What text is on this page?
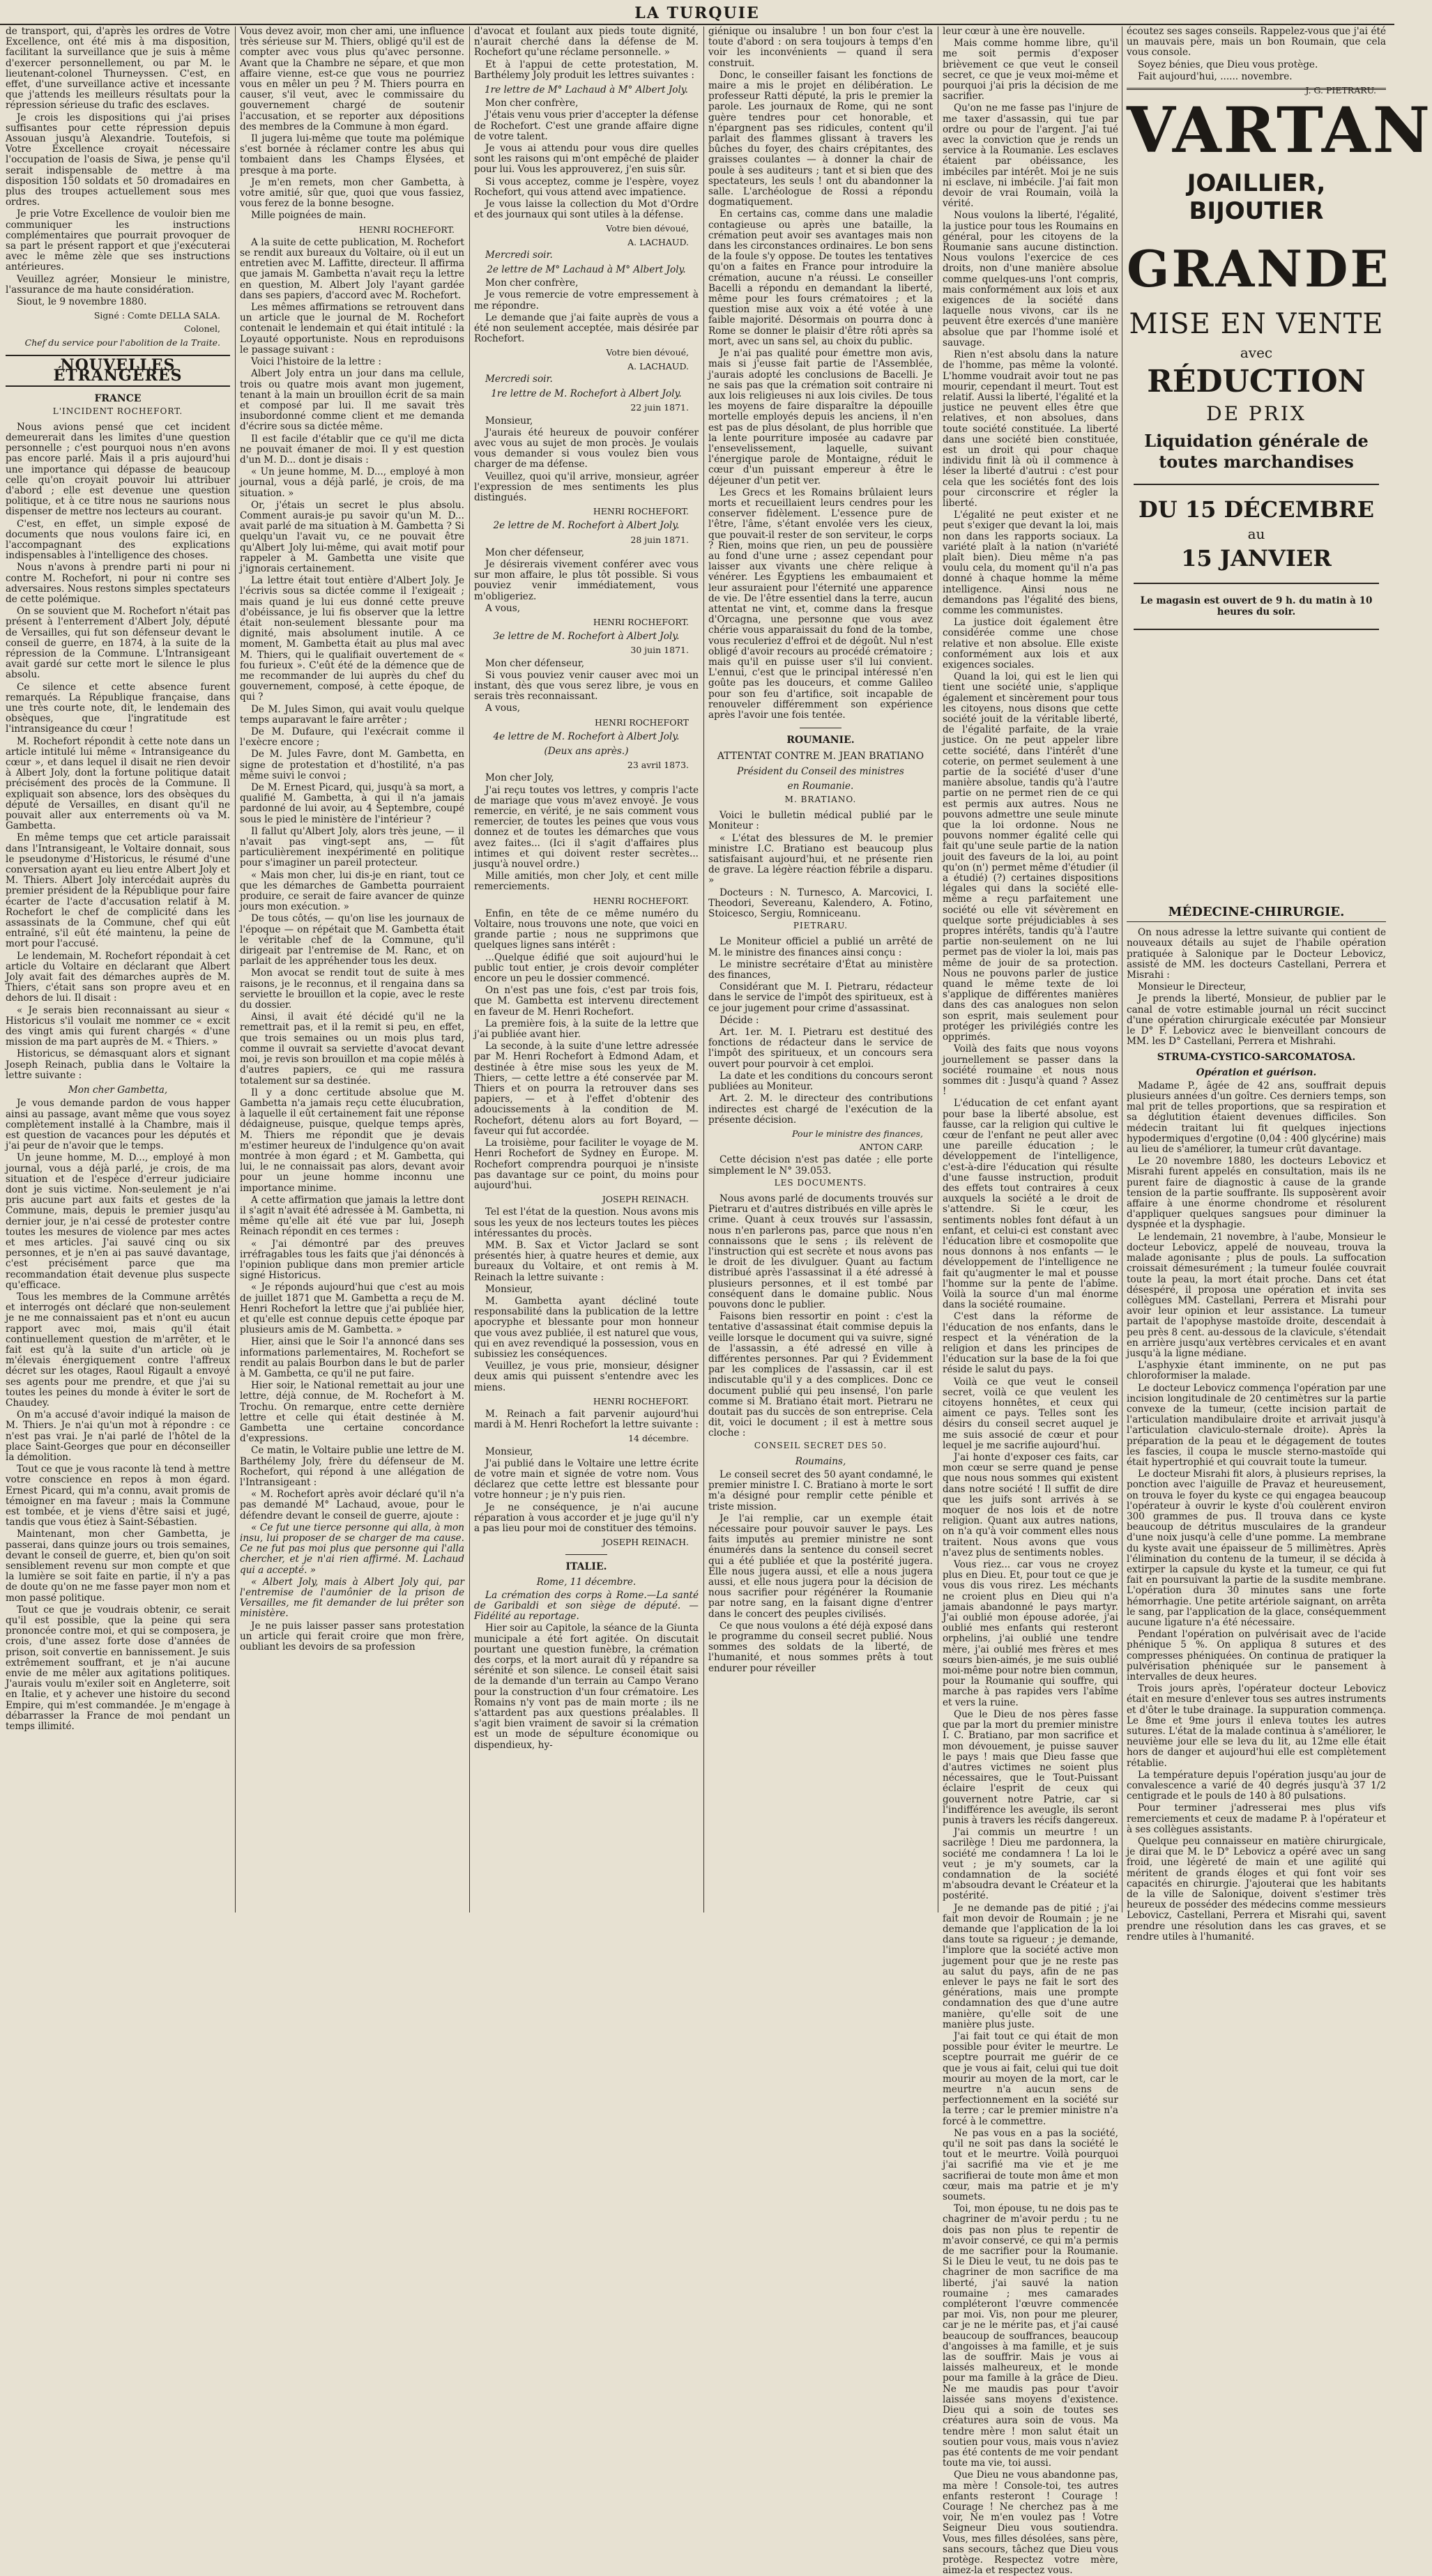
LA TURQUIE

de transport, qui, d'après les ordres de Votre Excellence, ont été mis à ma disposition, facilitant la surveillance que je suis à même d'exercer personnellement, ou par M. le lieutenant-colonel Thurneyssen. C'est, en effet, d'une surveillance active et incessante que j'attends les meilleurs résultats pour la répression sérieuse du trafic des esclaves.

Je crois les dispositions qui j'ai prises suffisantes pour cette répression depuis Assouan jusqu'à Alexandrie. Toutefois, si Votre Excellence croyait nécessaire l'occupation de l'oasis de Siwa, je pense qu'il serait indispensable de mettre à ma disposition 150 soldats et 50 dromadaires en plus des troupes actuellement sous mes ordres.

Je prie Votre Excellence de vouloir bien me communiquer les instructions complémentaires que pourrait provoquer de sa part le présent rapport et que j'exécuterai avec le même zèle que ses instructions antérieures.

Veuillez agréer, Monsieur le ministre, l'assurance de ma haute considération.

Siout, le 9 novembre 1880.

Signé : Comte DELLA SALA.
Colonel,
Chef du service pour l'abolition de la Traite.
NOUVELLES ÉTRANGÈRES
FRANCE
L'INCIDENT ROCHEFORT.

Nous avions pensé que cet incident demeurerait dans les limites d'une question personnelle ; c'est pourquoi nous n'en avons pas encore parlé. Mais il a pris aujourd'hui une importance qui dépasse de beaucoup celle qu'on croyait pouvoir lui attribuer d'abord ; elle est devenue une question politique, et à ce titre nous ne saurions nous dispenser de mettre nos lecteurs au courant.

C'est, en effet, un simple exposé de documents que nous voulons faire ici, en l'accompagnant des explications indispensables à l'intelligence des choses.

Nous n'avons à prendre parti ni pour ni contre M. Rochefort, ni pour ni contre ses adversaires. Nous restons simples spectateurs de cette polémique.

On se souvient que M. Rochefort n'était pas présent à l'enterrement d'Albert Joly, député de Versailles, qui fut son défenseur devant le conseil de guerre, en 1874, à la suite de la répression de la Commune. L'Intransigeant avait gardé sur cette mort le silence le plus absolu.

Ce silence et cette absence furent remarqués. La République française, dans une très courte note, dit, le lendemain des obsèques, que l'ingratitude est l'intransigeance du cœur !

M. Rochefort répondit à cette note dans un article intitulé lui même « Intransigeance du cœur », et dans lequel il disait ne rien devoir à Albert Joly, dont la fortune politique datait précisément des procès de la Commune. Il expliquait son absence, lors des obsèques du député de Versailles, en disant qu'il ne pouvait aller aux enterrements où va M. Gambetta.

En même temps que cet article paraissait dans l'Intransigeant, le Voltaire donnait, sous le pseudonyme d'Historicus, le résumé d'une conversation ayant eu lieu entre Albert Joly et M. Thiers. Albert Joly intercédait auprès du premier président de la République pour faire écarter de l'acte d'accusation relatif à M. Rochefort le chef de complicité dans les assassinats de la Commune, chef qui eût entraîné, s'il eût été maintenu, la peine de mort pour l'accusé.

Le lendemain, M. Rochefort répondait à cet article du Voltaire en déclarant que Albert Joly avait fait des démarches auprès de M. Thiers, c'était sans son propre aveu et en dehors de lui. Il disait :

« Je serais bien reconnaissant au sieur « Historicus s'il voulait me nommer ce « excit des vingt amis qui furent chargés « d'une mission de ma part auprès de M. « Thiers. »

Historicus, se démasquant alors et signant Joseph Reinach, publia dans le Voltaire la lettre suivante :

Mon cher Gambetta,

Je vous demande pardon de vous happer ainsi au passage, avant même que vous soyez complètement installé à la Chambre, mais il est question de vacances pour les députés et j'ai peur de n'avoir que le temps.

Un jeune homme, M. D..., employé à mon journal, vous a déjà parlé, je crois, de ma situation et de l'espèce d'erreur judiciaire dont je suis victime. Non-seulement je n'ai pris aucune part aux faits et gestes de la Commune, mais, depuis le premier jusqu'au dernier jour, je n'ai cessé de protester contre toutes les mesures de violence par mes actes et mes articles. J'ai sauvé cinq ou six personnes, et je n'en ai pas sauvé davantage, c'est précisément parce que ma recommandation était devenue plus suspecte qu'efficace.

Tous les membres de la Commune arrêtés et interrogés ont déclaré que non-seulement je ne me connaissaient pas et n'ont eu aucun rapport avec moi, mais qu'il était continuellement question de m'arrêter, et le fait est qu'à la suite d'un article où je m'élevais énergiquement contre l'affreux décret sur les otages, Raoul Rigault a envoyé ses agents pour me prendre, et que j'ai su toutes les peines du monde à éviter le sort de Chaudey.

On m'a accusé d'avoir indiqué la maison de M. Thiers. Je n'ai qu'un mot à répondre : ce n'est pas vrai. Je n'ai parlé de l'hôtel de la place Saint-Georges que pour en déconseiller la démolition.

Tout ce que je vous raconte là tend à mettre votre conscience en repos à mon égard. Ernest Picard, qui m'a connu, avait promis de témoigner en ma faveur ; mais la Commune est tombée, et je viens d'être saisi et jugé, tandis que vous étiez à Saint-Sébastien.

Maintenant, mon cher Gambetta, je passerai, dans quinze jours ou trois semaines, devant le conseil de guerre, et, bien qu'on soit sensiblement revenu sur mon compte et que la lumière se soit faite en partie, il n'y a pas de doute qu'on ne me fasse payer mon nom et mon passé politique.

Tout ce que je voudrais obtenir, ce serait qu'il est possible, que la peine qui sera prononcée contre moi, et qui se composera, je crois, d'une assez forte dose d'années de prison, soit convertie en bannissement. Je suis extrêmement souffrant, et je n'ai aucune envie de me mêler aux agitations politiques. J'aurais voulu m'exiler soit en Angleterre, soit en Italie, et y achever une histoire du second Empire, qui m'est commandée. Je m'engage à débarrasser la France de moi pendant un temps illimité.

Vous devez avoir, mon cher ami, une influence très sérieuse sur M. Thiers, obligé qu'il est de compter avec vous plus qu'avec personne. Avant que la Chambre ne sépare, et que mon affaire vienne, est-ce que vous ne pourriez vous en mêler un peu ? M. Thiers pourra en causer, s'il veut, avec le commissaire du gouvernement chargé de soutenir l'accusation, et se reporter aux dépositions des membres de la Commune à mon égard.

Il jugera lui-même que toute ma polémique s'est bornée à réclamer contre les abus qui tombaient dans les Champs Élysées, et presque à ma porte.

Je m'en remets, mon cher Gambetta, à votre amitié, sûr que, quoi que vous fassiez, vous ferez de la bonne besogne.

Mille poignées de main.

HENRI ROCHEFORT.

A la suite de cette publication, M. Rochefort se rendit aux bureaux du Voltaire, où il eut un entretien avec M. Laffitte, directeur. Il affirma que jamais M. Gambetta n'avait reçu la lettre en question, M. Albert Joly l'ayant gardée dans ses papiers, d'accord avec M. Rochefort.

Les mêmes affirmations se retrouvent dans un article que le journal de M. Rochefort contenait le lendemain et qui était intitulé : la Loyauté opportuniste. Nous en reproduisons le passage suivant :

Voici l'histoire de la lettre :

Albert Joly entra un jour dans ma cellule, trois ou quatre mois avant mon jugement, tenant à la main un brouillon écrit de sa main et composé par lui. Il me savait très insubordonné comme client et me demanda d'écrire sous sa dictée même.

Il est facile d'établir que ce qu'il me dicta ne pouvait émaner de moi. Il y est question d'un M. D... dont je disais :

« Un jeune homme, M. D..., employé à mon journal, vous a déjà parlé, je crois, de ma situation. »

Or, j'étais un secret le plus absolu. Comment aurais-je pu savoir qu'un M. D... avait parlé de ma situation à M. Gambetta ? Si quelqu'un l'avait vu, ce ne pouvait être qu'Albert Joly lui-même, qui avait motif pour rappeler à M. Gambetta une visite que j'ignorais certainement.

La lettre était tout entière d'Albert Joly. Je l'écrivis sous sa dictée comme il l'exigeait ; mais quand je lui eus donné cette preuve d'obéissance, je lui fis observer que la lettre était non-seulement blessante pour ma dignité, mais absolument inutile. A ce moment, M. Gambetta était au plus mal avec M. Thiers, qui le qualifiait ouvertement de « fou furieux ». C'eût été de la démence que de me recommander de lui auprès du chef du gouvernement, composé, à cette époque, de qui ?

De M. Jules Simon, qui avait voulu quelque temps auparavant le faire arrêter ;

De M. Dufaure, qui l'exécrait comme il l'exècre encore ;

De M. Jules Favre, dont M. Gambetta, en signe de protestation et d'hostilité, n'a pas même suivi le convoi ;

De M. Ernest Picard, qui, jusqu'à sa mort, a qualifié M. Gambetta, à qui il n'a jamais pardonné de lui avoir, au 4 Septembre, coupé sous le pied le ministère de l'intérieur ?

Il fallut qu'Albert Joly, alors très jeune, — il n'avait pas vingt-sept ans, — fût particulièrement inexpérimenté en politique pour s'imaginer un pareil protecteur.

« Mais mon cher, lui dis-je en riant, tout ce que les démarches de Gambetta pourraient produire, ce serait de faire avancer de quinze jours mon exécution. »

De tous côtés, — qu'on lise les journaux de l'époque — on répétait que M. Gambetta était le véritable chef de la Commune, qu'il dirigeait par l'entremise de M. Ranc, et on parlait de les appréhender tous les deux.

Mon avocat se rendit tout de suite à mes raisons, je le reconnus, et il rengaina dans sa serviette le brouillon et la copie, avec le reste du dossier.

Ainsi, il avait été décidé qu'il ne la remettrait pas, et il la remit si peu, en effet, que trois semaines ou un mois plus tard, comme il ouvrait sa serviette d'avocat devant moi, je revis son brouillon et ma copie mêlés à d'autres papiers, ce qui me rassura totalement sur sa destinée.

Il y a donc certitude absolue que M. Gambetta n'a jamais reçu cette élucubration, à laquelle il eût certainement fait une réponse dédaigneuse, puisque, quelque temps après, M. Thiers me répondit que je devais m'estimer heureux de l'indulgence qu'on avait montrée à mon égard ; et M. Gambetta, qui lui, le ne connaissait pas alors, devant avoir pour un jeune homme inconnu une importance minime.

A cette affirmation que jamais la lettre dont il s'agit n'avait été adressée à M. Gambetta, ni même qu'elle ait été vue par lui, Joseph Reinach répondit en ces termes :

« J'ai démontré par des preuves irréfragables tous les faits que j'ai dénoncés à l'opinion publique dans mon premier article signé Historicus.

« Je réponds aujourd'hui que c'est au mois de juillet 1871 que M. Gambetta a reçu de M. Henri Rochefort la lettre que j'ai publiée hier, et qu'elle est connue depuis cette époque par plusieurs amis de M. Gambetta. »

Hier, ainsi que le Soir l'a annoncé dans ses informations parlementaires, M. Rochefort se rendit au palais Bourbon dans le but de parler à M. Gambetta, ce qu'il ne put faire.

Hier soir, le National remettait au jour une lettre, déjà connue, de M. Rochefort à M. Trochu. On remarque, entre cette dernière lettre et celle qui était destinée à M. Gambetta une certaine concordance d'expressions.

Ce matin, le Voltaire publie une lettre de M. Barthélemy Joly, frère du défenseur de M. Rochefort, qui répond à une allégation de l'Intransigeant :

« M. Rochefort après avoir déclaré qu'il n'a pas demandé M° Lachaud, avoue, pour le défendre devant le conseil de guerre, ajoute :

« Ce fut une tierce personne qui alla, à mon insu, lui proposer de se charger de ma cause. Ce ne fut pas moi plus que personne qui l'alla chercher, et je n'ai rien affirmé. M. Lachaud qui a accepté. »

« Albert Joly, mais à Albert Joly qui, par l'entremise de l'aumônier de la prison de Versailles, me fit demander de lui prêter son ministère.

Je ne puis laisser passer sans protestation un article qui ferait croire que mon frère, oubliant les devoirs de sa profession

d'avocat et foulant aux pieds toute dignité, n'aurait cherché dans la défense de M. Rochefort qu'une réclame personnelle. »

Et à l'appui de cette protestation, M. Barthélemy Joly produit les lettres suivantes :

1re lettre de M° Lachaud à M° Albert Joly.

Mon cher confrère,

J'étais venu vous prier d'accepter la défense de Rochefort. C'est une grande affaire digne de votre talent.

Je vous ai attendu pour vous dire quelles sont les raisons qui m'ont empêché de plaider pour lui. Vous les approuverez, j'en suis sûr.

Si vous acceptez, comme je l'espère, voyez Rochefort, qui vous attend avec impatience.

Je vous laisse la collection du Mot d'Ordre et des journaux qui sont utiles à la défense.

Votre bien dévoué,
A. LACHAUD.

Mercredi soir.

2e lettre de M° Lachaud à M° Albert Joly.

Mon cher confrère,

Je vous remercie de votre empressement à me répondre.

Le demande que j'ai faite auprès de vous a été non seulement acceptée, mais désirée par Rochefort.

Votre bien dévoué,
A. LACHAUD.

Mercredi soir.

1re lettre de M. Rochefort à Albert Joly.
22 juin 1871.

Monsieur,

J'aurais été heureux de pouvoir conférer avec vous au sujet de mon procès. Je voulais vous demander si vous voulez bien vous charger de ma défense.

Veuillez, quoi qu'il arrive, monsieur, agréer l'expression de mes sentiments les plus distingués.

HENRI ROCHEFORT.
2e lettre de M. Rochefort à Albert Joly.
28 juin 1871.

Mon cher défenseur,

Je désirerais vivement conférer avec vous sur mon affaire, le plus tôt possible. Si vous pouviez venir immédiatement, vous m'obligeriez.

A vous,

HENRI ROCHEFORT.
3e lettre de M. Rochefort à Albert Joly.
30 juin 1871.

Mon cher défenseur,

Si vous pouviez venir causer avec moi un instant, dès que vous serez libre, je vous en serais très reconnaissant.

A vous,

HENRI ROCHEFORT
4e lettre de M. Rochefort à Albert Joly.
(Deux ans après.)
23 avril 1873.

Mon cher Joly,

J'ai reçu toutes vos lettres, y compris l'acte de mariage que vous m'avez envoyé. Je vous remercie, en vérité, je ne sais comment vous remercier, de toutes les peines que vous vous donnez et de toutes les démarches que vous avez faites... (Ici il s'agit d'affaires plus intimes et qui doivent rester secrètes... jusqu'à nouvel ordre.)

Mille amitiés, mon cher Joly, et cent mille remerciements.

HENRI ROCHEFORT.

Enfin, en tête de ce même numéro du Voltaire, nous trouvons une note, que voici en grande partie ; nous ne supprimons que quelques lignes sans intérêt :

...Quelque édifié que soit aujourd'hui le public tout entier, je crois devoir compléter encore un peu le dossier commencé.

On n'est pas une fois, c'est par trois fois, que M. Gambetta est intervenu directement en faveur de M. Henri Rochefort.

La première fois, à la suite de la lettre que j'ai publiée avant hier.

La seconde, à la suite d'une lettre adressée par M. Henri Rochefort à Edmond Adam, et destinée à être mise sous les yeux de M. Thiers, — cette lettre a été conservée par M. Thiers et on pourra la retrouver dans ses papiers, — et à l'effet d'obtenir des adoucissements à la condition de M. Rochefort, détenu alors au fort Boyard, — faveur qui fut accordée.

La troisième, pour faciliter le voyage de M. Henri Rochefort de Sydney en Europe. M. Rochefort comprendra pourquoi je n'insiste pas davantage sur ce point, du moins pour aujourd'hui.

JOSEPH REINACH.

Tel est l'état de la question. Nous avons mis sous les yeux de nos lecteurs toutes les pièces intéressantes du procès.

MM. B. Sax et Victor Jaclard se sont présentés hier, à quatre heures et demie, aux bureaux du Voltaire, et ont remis à M. Reinach la lettre suivante :

Monsieur,

M. Gambetta ayant décliné toute responsabilité dans la publication de la lettre apocryphe et blessante pour mon honneur que vous avez publiée, il est naturel que vous, qui en avez revendiqué la possession, vous en subissiez les conséquences.

Veuillez, je vous prie, monsieur, désigner deux amis qui puissent s'entendre avec les miens.

HENRI ROCHEFORT.

M. Reinach a fait parvenir aujourd'hui mardi à M. Henri Rochefort la lettre suivante :

14 décembre.

Monsieur,

J'ai publié dans le Voltaire une lettre écrite de votre main et signée de votre nom. Vous déclarez que cette lettre est blessante pour votre honneur ; je n'y puis rien.

Je ne conséquence, je n'ai aucune réparation à vous accorder et je juge qu'il n'y a pas lieu pour moi de constituer des témoins.

JOSEPH REINACH.
ITALIE.
Rome, 11 décembre.

La crémation des corps à Rome.—La santé de Garibaldi et son siège de député. — Fidélité au reportage.

Hier soir au Capitole, la séance de la Giunta municipale a été fort agitée. On discutait pourtant une question funèbre, la crémation des corps, et la mort aurait dû y répandre sa sérénité et son silence. Le conseil était saisi de la demande d'un terrain au Campo Verano pour la construction d'un four crématoire. Les Romains n'y vont pas de main morte ; ils ne s'attardent pas aux questions préalables. Il s'agit bien vraiment de savoir si la crémation est un mode de sépulture économique ou dispendieux, hy-

giénique ou insalubre ! un bon four c'est la toute d'abord : on sera toujours à temps d'en voir les inconvénients — quand il sera construit.

Donc, le conseiller faisant les fonctions de maire a mis le projet en délibération. Le professeur Ratti député, la pris le premier la parole. Les journaux de Rome, qui ne sont guère tendres pour cet honorable, et n'épargnent pas ses ridicules, content qu'il parlait des flammes glissant à travers les bûches du foyer, des chairs crépitantes, des graisses coulantes — à donner la chair de poule à ses auditeurs ; tant et si bien que des spectateurs, les seuls ! ont du abandonner la salle. L'archéologue de Rossi a répondu dogmatiquement.

En certains cas, comme dans une maladie contagieuse ou après une bataille, la crémation peut avoir ses avantages mais non dans les circonstances ordinaires. Le bon sens de la foule s'y oppose. De toutes les tentatives qu'on a faites en France pour introduire la crémation, aucune n'a réussi. Le conseiller Bacelli a répondu en demandant la liberté, même pour les fours crématoires ; et la question mise aux voix a été votée à une faible majorité. Désormais on pourra donc à Rome se donner le plaisir d'être rôti après sa mort, avec un sans sel, au choix du public.

Je n'ai pas qualité pour émettre mon avis, mais si j'eusse fait partie de l'Assemblée, j'aurais adopté les conclusions de Bacelli. Je ne sais pas que la crémation soit contraire ni aux lois religieuses ni aux lois civiles. De tous les moyens de faire disparaître la dépouille mortelle employés depuis les anciens, il n'en est pas de plus désolant, de plus horrible que la lente pourriture imposée au cadavre par l'ensevelissement, laquelle, suivant l'énergique parole de Montaigne, réduit le cœur d'un puissant empereur à être le déjeuner d'un petit ver.

Les Grecs et les Romains brûlaient leurs morts et recueillaient leurs cendres pour les conserver fidèlement. L'essence pure de l'être, l'âme, s'étant envolée vers les cieux, que pouvait-il rester de son serviteur, le corps ? Rien, moins que rien, un peu de poussière au fond d'une urne ; assez cependant pour laisser aux vivants une chère relique à vénérer. Les Égyptiens les embaumaient et leur assuraient pour l'éternité une apparence de vie. De l'être essentiel dans la terre, aucun attentat ne vint, et, comme dans la fresque d'Orcagna, une personne que vous avez chérie vous apparaissait du fond de la tombe, vous reculeriez d'effroi et de dégoût. Nul n'est obligé d'avoir recours au procédé crématoire ; mais qu'il en puisse user s'il lui convient. L'ennui, c'est que le principal intéressé n'en goûte pas les douceurs, et comme Galileo pour son feu d'artifice, soit incapable de renouveler différemment son expérience après l'avoir une fois tentée.

ROUMANIE.
ATTENTAT CONTRE M. JEAN BRATIANO
Président du Conseil des ministres
en Roumanie.
M. BRATIANO.

Voici le bulletin médical publié par le Moniteur :

« L'état des blessures de M. le premier ministre I.C. Bratiano est beaucoup plus satisfaisant aujourd'hui, et ne présente rien de grave. La légère réaction fébrile a disparu. »

Docteurs : N. Turnesco, A. Marcovici, I. Theodori, Severeanu, Kalendero, A. Fotino, Stoicesco, Sergiu, Romniceanu.

PIETRARU.

Le Moniteur officiel a publié un arrêté de M. le ministre des finances ainsi conçu :

Le ministre secrétaire d'État au ministère des finances,

Considérant que M. I. Pietraru, rédacteur dans le service de l'impôt des spiritueux, est à ce jour jugement pour crime d'assassinat.

Décide :

Art. 1er. M. I. Pietraru est destitué des fonctions de rédacteur dans le service de l'impôt des spiritueux, et un concours sera ouvert pour pourvoir à cet emploi.

La date et les conditions du concours seront publiées au Moniteur.

Art. 2. M. le directeur des contributions indirectes est chargé de l'exécution de la présente décision.

Pour le ministre des finances,
ANTON CARP.

Cette décision n'est pas datée ; elle porte simplement le N° 39.053.

LES DOCUMENTS.

Nous avons parlé de documents trouvés sur Pietraru et d'autres distribués en ville après le crime. Quant à ceux trouvés sur l'assassin, nous n'en parlerons pas, parce que nous n'en connaissons que le sens ; ils relèvent de l'instruction qui est secrète et nous avons pas le droit de les divulguer. Quant au factum distribué après l'assassinat il a été adressé à plusieurs personnes, et il est tombé par conséquent dans le domaine public. Nous pouvons donc le publier.

Faisons bien ressortir en point : c'est la tentative d'assassinat était commise depuis la veille lorsque le document qui va suivre, signé de l'assassin, a été adressé en ville à différentes personnes. Par qui ? Évidemment par les complices de l'assassin, car il est indiscutable qu'il y a des complices. Donc ce document publié qui peu insensé, l'on parle comme si M. Bratiano était mort. Pietraru ne doutait pas du succès de son entreprise. Cela dit, voici le document ; il est à mettre sous cloche :

CONSEIL SECRET DES 50.
Roumains,

Le conseil secret des 50 ayant condamné, le premier ministre I. C. Bratiano à morte le sort m'a désigné pour remplir cette pénible et triste mission.

Je l'ai remplie, car un exemple était nécessaire pour pouvoir sauver le pays. Les faits imputés au premier ministre ne sont énumérés dans la sentence du conseil secret qui a été publiée et que la postérité jugera. Elle nous jugera aussi, et elle a nous jugera aussi, et elle nous jugera pour la décision de nous sacrifier pour régénérer la Roumanie par notre sang, en la faisant digne d'entrer dans le concert des peuples civilisés.

Ce que nous voulons a été déjà exposé dans le programme du conseil secret publié. Nous sommes des soldats de la liberté, de l'humanité, et nous sommes prêts à tout endurer pour réveiller

leur cœur à une ère nouvelle.

Mais comme homme libre, qu'il me soit permis d'exposer brièvement ce que veut le conseil secret, ce que je veux moi-même et pourquoi j'ai pris la décision de me sacrifier.

Qu'on ne me fasse pas l'injure de me taxer d'assassin, qui tue par ordre ou pour de l'argent. J'ai tué avec la conviction que je rends un service à la Roumanie. Les esclaves étaient par obéissance, les imbéciles par intérêt. Moi je ne suis ni esclave, ni imbécile. J'ai fait mon devoir de vrai Roumain, voilà la vérité.

Nous voulons la liberté, l'égalité, la justice pour tous les Roumains en général, pour les citoyens de la Roumanie sans aucune distinction. Nous voulons l'exercice de ces droits, non d'une manière absolue comme quelques-uns l'ont compris, mais conformément aux lois et aux exigences de la société dans laquelle nous vivons, car ils ne peuvent être exercés d'une manière absolue que par l'homme isolé et sauvage.

Rien n'est absolu dans la nature de l'homme, pas même la volonté. L'homme voudrait avoir tout ne pas mourir, cependant il meurt. Tout est relatif. Aussi la liberté, l'égalité et la justice ne peuvent elles être que relatives, et non absolues, dans toute société constituée. La liberté dans une société bien constituée, est un droit qui pour chaque individu finit là où il commence à léser la liberté d'autrui : c'est pour cela que les sociétés font des lois pour circonscrire et régler la liberté.

L'égalité ne peut exister et ne peut s'exiger que devant la loi, mais non dans les rapports sociaux. La variété plaît à la nation (n'variété plaît bien). Dieu même n'a pas voulu cela, du moment qu'il n'a pas donné à chaque homme la même intelligence. Ainsi nous ne demandons pas l'égalité des biens, comme les communistes.

La justice doit également être considérée comme une chose relative et non absolue. Elle existe conformément aux lois et aux exigences sociales.

Quand la loi, qui est le lien qui tient une société unie, s'applique également et sincèrement pour tous les citoyens, nous disons que cette société jouit de la véritable liberté, de l'égalité parfaite, de la vraie justice. On ne peut appeler libre cette société, dans l'intérêt d'une coterie, on permet seulement à une partie de la société d'user d'une manière absolue, tandis qu'à l'autre partie on ne permet rien de ce qui est permis aux autres. Nous ne pouvons admettre une seule minute que la loi ordonne. Nous ne pouvons nommer égalité celle qui fait qu'une seule partie de la nation jouit des faveurs de la loi, au point qu'on (n') permet même d'étudier (il a étudié) (?) certaines dispositions légales qui dans la société elle-même a reçu parfaitement une société ou elle vit sévèrement en quelque sorte préjudiciables à ses propres intérêts, tandis qu'à l'autre partie non-seulement on ne lui permet pas de violer la loi, mais pas même de jouir de sa protection. Nous ne pouvons parler de justice quand le même texte de loi s'applique de différentes manières dans des cas analogues non selon son esprit, mais seulement pour protéger les privilégiés contre les opprimés.

Voilà des faits que nous voyons journellement se passer dans la société roumaine et nous nous sommes dit : Jusqu'à quand ? Assez !

L'éducation de cet enfant ayant pour base la liberté absolue, est fausse, car la religion qui cultive le cœur de l'enfant ne peut aller avec une pareille éducation ; le développement de l'intelligence, c'est-à-dire l'éducation qui résulte d'une fausse instruction, produit des effets tout contraires à ceux auxquels la société a le droit de s'attendre. Si le cœur, les sentiments nobles font défaut à un enfant, et celui-ci est constant avec l'éducation libre et cosmopolite que nous donnons à nos enfants — le développement de l'intelligence ne fait qu'augmenter le mal et pousse l'homme sur la pente de l'abîme. Voilà la source d'un mal énorme dans la société roumaine.

C'est dans la réforme de l'éducation de nos enfants, dans le respect et la vénération de la religion et dans les principes de l'éducation sur la base de la foi que réside le salut du pays.

Voilà ce que veut le conseil secret, voilà ce que veulent les citoyens honnêtes, et ceux qui aiment ce pays. Telles sont les désirs du conseil secret auquel je me suis associé de cœur et pour lequel je me sacrifie aujourd'hui.

J'ai honte d'exposer ces faits, car mon cœur se serre quand je pense que nous nous sommes qui existent dans notre société ! Il suffit de dire que les juifs sont arrivés à se moquer de nos lois et de notre religion. Quant aux autres nations, on n'a qu'à voir comment elles nous traitent. Nous avons que vous n'avez plus de sentiments nobles.

Vous riez... car vous ne croyez plus en Dieu. Et, pour tout ce que je vous dis vous rirez. Les méchants ne croient plus en Dieu qui n'a jamais abandonné le pays martyr. J'ai oublié mon épouse adorée, j'ai oublié mes enfants qui resteront orphelins, j'ai oublié une tendre mère, j'ai oublié mes frères et mes sœurs bien-aimés, je me suis oublié moi-même pour notre bien commun, pour la Roumanie qui souffre, qui marche à pas rapides vers l'abîme et vers la ruine.

Que le Dieu de nos pères fasse que par la mort du premier ministre I. C. Bratiano, par mon sacrifice et mon dévouement, je puisse sauver le pays ! mais que Dieu fasse que d'autres victimes ne soient plus nécessaires, que le Tout-Puissant éclaire l'esprit de ceux qui gouvernent notre Patrie, car si l'indifférence les aveugle, ils seront punis à travers les récifs dangereux.

J'ai commis un meurtre ! un sacrilège ! Dieu me pardonnera, la société me condamnera ! La loi le veut ; je m'y soumets, car la condamnation de la société m'absoudra devant le Créateur et la postérité.

Je ne demande pas de pitié ; j'ai fait mon devoir de Roumain ; je ne demande que l'application de la loi dans toute sa rigueur ; je demande, l'implore que la société active mon jugement pour que je ne reste pas au salut du pays, afin de ne pas enlever le pays ne fait le sort des générations, mais une prompte condamnation des que d'une autre manière, qu'elle soit de une manière plus juste.

J'ai fait tout ce qui était de mon possible pour éviter le meurtre. Le sceptre pourrait me guérir de ce que je vous ai fait, celui qui tue doit mourir au moyen de la mort, car le meurtre n'a aucun sens de perfectionnement en la société sur la terre ; car le premier ministre n'a forcé à le commettre.

Ne pas vous en a pas la société, qu'il ne soit pas dans la société le tout et le meurtre. Voilà pourquoi j'ai sacrifié ma vie et je me sacrifierai de toute mon âme et mon cœur, mais ma patrie et je m'y soumets.

Toi, mon épouse, tu ne dois pas te chagriner de m'avoir perdu ; tu ne dois pas non plus te repentir de m'avoir conservé, ce qui m'a permis de me sacrifier pour la Roumanie. Si le Dieu le veut, tu ne dois pas te chagriner de mon sacrifice de ma liberté, j'ai sauvé la nation roumaine ; mes camarades compléteront l'œuvre commencée par moi. Vis, non pour me pleurer, car je ne le mérite pas, et j'ai causé beaucoup de souffrances, beaucoup d'angoisses à ma famille, et je suis las de souffrir. Mais je vous ai laissés malheureux, et le monde pour ma famille à la grâce de Dieu. Ne me maudis pas pour t'avoir laissée sans moyens d'existence. Dieu qui a soin de toutes ses créatures aura soin de vous. Ma tendre mère ! mon salut était un soutien pour vous, mais vous n'aviez pas été contents de me voir pendant toute ma vie, toi aussi.

Que Dieu ne vous abandonne pas, ma mère ! Console-toi, tes autres enfants resteront ! Courage ! Courage ! Ne cherchez pas à me voir, Ne m'en voulez pas ! Votre Seigneur Dieu vous soutiendra. Vous, mes filles désolées, sans père, sans secours, tâchez que Dieu vous protège. Respectez votre mère, aimez-la et respectez vous.

écoutez ses sages conseils. Rappelez-vous que j'ai été un mauvais père, mais un bon Roumain, que cela vous console.

Soyez bénies, que Dieu vous protège.

Fait aujourd'hui, ...... novembre.

J. G. PIETRARU.
VARTAN
JOAILLIER, BIJOUTIER
GRANDE
MISE EN VENTE
avec
RÉDUCTION
DE PRIX
Liquidation générale de toutes marchandises
DU 15 DÉCEMBRE
au
15 JANVIER
Le magasin est ouvert de 9 h. du matin à 10 heures du soir.
MÉDECINE-CHIRURGIE.

On nous adresse la lettre suivante qui contient de nouveaux détails au sujet de l'habile opération pratiquée à Salonique par le Docteur Lebovicz, assisté de MM. les docteurs Castellani, Perrera et Misrahi :

Monsieur le Directeur,

Je prends la liberté, Monsieur, de publier par le canal de votre estimable journal un récit succinct d'une opération chirurgicale exécutée par Monsieur le D° F. Lebovicz avec le bienveillant concours de MM. les D° Castellani, Perrera et Mishrahi.

STRUMA-CYSTICO-SARCOMATOSA.
Opération et guérison.

Madame P., âgée de 42 ans, souffrait depuis plusieurs années d'un goître. Ces derniers temps, son mal prit de telles proportions, que sa respiration et sa déglutition étaient devenues difficiles. Son médecin traitant lui fit quelques injections hypodermiques d'ergotine (0,04 : 400 glycérine) mais au lieu de s'améliorer, la tumeur crût davantage.

Le 20 novembre 1880, les docteurs Lebovicz et Misrahi furent appelés en consultation, mais ils ne purent faire de diagnostic à cause de la grande tension de la partie souffrante. Ils supposèrent avoir affaire à une énorme chondrome et résolurent d'appliquer quelques sangsues pour diminuer la dyspnée et la dysphagie.

Le lendemain, 21 novembre, à l'aube, Monsieur le docteur Lebovicz, appelé de nouveau, trouva la malade agonisante ; plus de pouls. La suffocation croissait démesurément ; la tumeur foulée couvrait toute la peau, la mort était proche. Dans cet état désespéré, il proposa une opération et invita ses collègues MM. Castellani, Perrera et Misrahi pour avoir leur opinion et leur assistance. La tumeur partait de l'apophyse mastoïde droite, descendait à peu près 8 cent. au-dessous de la clavicule, s'étendait en arrière jusqu'aux vertèbres cervicales et en avant jusqu'à la ligne médiane.

L'asphyxie étant imminente, on ne put pas chloroformiser la malade.

Le docteur Lebovicz commença l'opération par une incision longitudinale de 20 centimètres sur la partie convexe de la tumeur, (cette incision partait de l'articulation mandibulaire droite et arrivait jusqu'à l'articulation claviculo-sternale droite). Après la préparation de la peau et le dégagement de toutes les fascies, il coupa le muscle sterno-mastoïde qui était hypertrophié et qui couvrait toute la tumeur.

Le docteur Misrahi fit alors, à plusieurs reprises, la ponction avec l'aiguille de Pravaz et heureusement, on trouva le foyer du kyste ce qui engagea beaucoup l'opérateur à ouvrir le kyste d'où coulèrent environ 300 grammes de pus. Il trouva dans ce kyste beaucoup de détritus musculaires de la grandeur d'une noix jusqu'à celle d'une pomme. La membrane du kyste avait une épaisseur de 5 millimètres. Après l'élimination du contenu de la tumeur, il se décida à extirper la capsule du kyste et la tumeur, ce qui fut fait en poursuivant la partie de la susdite membrane. L'opération dura 30 minutes sans une forte hémorrhagie. Une petite artériole saignant, on arrêta le sang, par l'application de la glace, conséquemment aucune ligature n'a été nécessaire.

Pendant l'opération on pulvérisait avec de l'acide phénique 5 %. On appliqua 8 sutures et des compresses phéniquées. On continua de pratiquer la pulvérisation phéniquée sur le pansement à intervalles de deux heures.

Trois jours après, l'opérateur docteur Lebovicz était en mesure d'enlever tous ses autres instruments et d'ôter le tube drainage. Ia suppuration commença. Le 8me et 9me jours il enleva toutes les autres sutures. L'état de la malade continua à s'améliorer, le neuvième jour elle se leva du lit, au 12me elle était hors de danger et aujourd'hui elle est complètement rétablie.

La température depuis l'opération jusqu'au jour de convalescence a varié de 40 degrés jusqu'à 37 1/2 centigrade et le pouls de 140 à 80 pulsations.

Pour terminer j'adresserai mes plus vifs remerciements et ceux de madame P. à l'opérateur et à ses collègues assistants.

Quelque peu connaisseur en matière chirurgicale, je dirai que M. le D° Lebovicz a opéré avec un sang froid, une légèreté de main et une agilité qui méritent de grands éloges et qui font voir ses capacités en chirurgie. J'ajouterai que les habitants de la ville de Salonique, doivent s'estimer très heureux de posséder des médecins comme messieurs Lebovicz, Castellani, Perrera et Misrahi qui, savent prendre une résolution dans les cas graves, et se rendre utiles à l'humanité.
